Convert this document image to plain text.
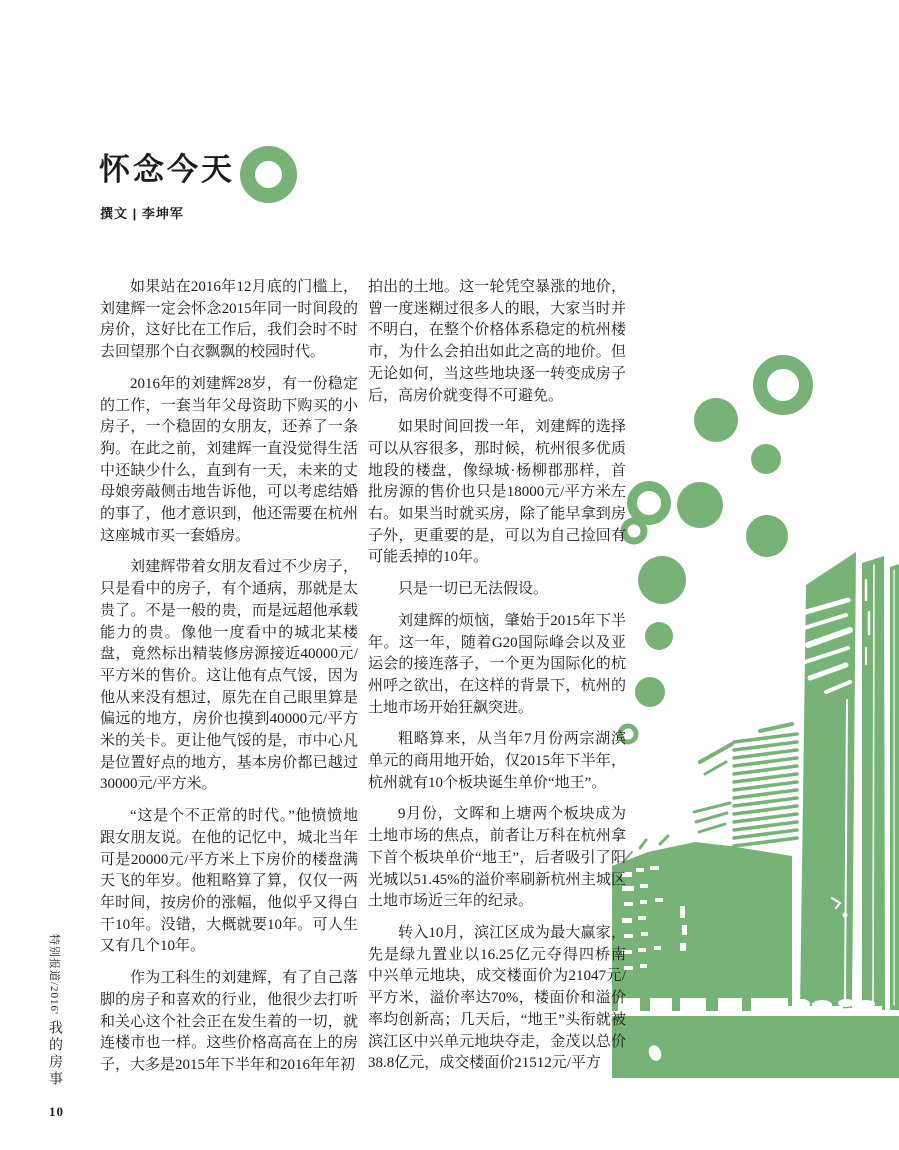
怀念今天
撰文 | 李坤军

如果站在2016年12月底的门槛上，刘建辉一定会怀念2015年同一时间段的房价，这好比在工作后，我们会时不时去回望那个白衣飘飘的校园时代。

2016年的刘建辉28岁，有一份稳定的工作，一套当年父母资助下购买的小房子，一个稳固的女朋友，还养了一条狗。在此之前，刘建辉一直没觉得生活中还缺少什么，直到有一天，未来的丈母娘旁敲侧击地告诉他，可以考虑结婚的事了，他才意识到，他还需要在杭州这座城市买一套婚房。

刘建辉带着女朋友看过不少房子，只是看中的房子，有个通病，那就是太贵了。不是一般的贵，而是远超他承载能力的贵。像他一度看中的城北某楼盘，竟然标出精装修房源接近40000元/平方米的售价。这让他有点气馁，因为他从来没有想过，原先在自己眼里算是偏远的地方，房价也摸到40000元/平方米的关卡。更让他气馁的是，市中心凡是位置好点的地方，基本房价都已越过30000元/平方米。

“这是个不正常的时代。”他愤愤地跟女朋友说。在他的记忆中，城北当年可是20000元/平方米上下房价的楼盘满天飞的年岁。他粗略算了算，仅仅一两年时间，按房价的涨幅，他似乎又得白干10年。没错，大概就要10年。可人生又有几个10年。

作为工科生的刘建辉，有了自己落脚的房子和喜欢的行业，他很少去打听和关心这个社会正在发生着的一切，就连楼市也一样。这些价格高高在上的房子，大多是2015年下半年和2016年年初

拍出的土地。这一轮凭空暴涨的地价，曾一度迷糊过很多人的眼，大家当时并不明白，在整个价格体系稳定的杭州楼市，为什么会拍出如此之高的地价。但无论如何，当这些地块逐一转变成房子后，高房价就变得不可避免。

如果时间回拨一年，刘建辉的选择可以从容很多，那时候，杭州很多优质地段的楼盘，像绿城·杨柳郡那样，首批房源的售价也只是18000元/平方米左右。如果当时就买房，除了能早拿到房子外，更重要的是，可以为自己捡回有可能丢掉的10年。

只是一切已无法假设。

刘建辉的烦恼，肇始于2015年下半年。这一年，随着G20国际峰会以及亚运会的接连落子，一个更为国际化的杭州呼之欲出，在这样的背景下，杭州的土地市场开始狂飙突进。

粗略算来，从当年7月份两宗湖滨单元的商用地开始，仅2015年下半年，杭州就有10个板块诞生单价“地王”。

9月份，文晖和上塘两个板块成为土地市场的焦点，前者让万科在杭州拿下首个板块单价“地王”，后者吸引了阳光城以51.45%的溢价率刷新杭州主城区土地市场近三年的纪录。

转入10月，滨江区成为最大赢家，先是绿九置业以16.25亿元夺得四桥南中兴单元地块，成交楼面价为21047元/平方米，溢价率达70%，楼面价和溢价率均创新高；几天后，“地王”头衔就被滨江区中兴单元地块夺走，金茂以总价38.8亿元，成交楼面价21512元/平方

特别报道/2016'我的房事
10
